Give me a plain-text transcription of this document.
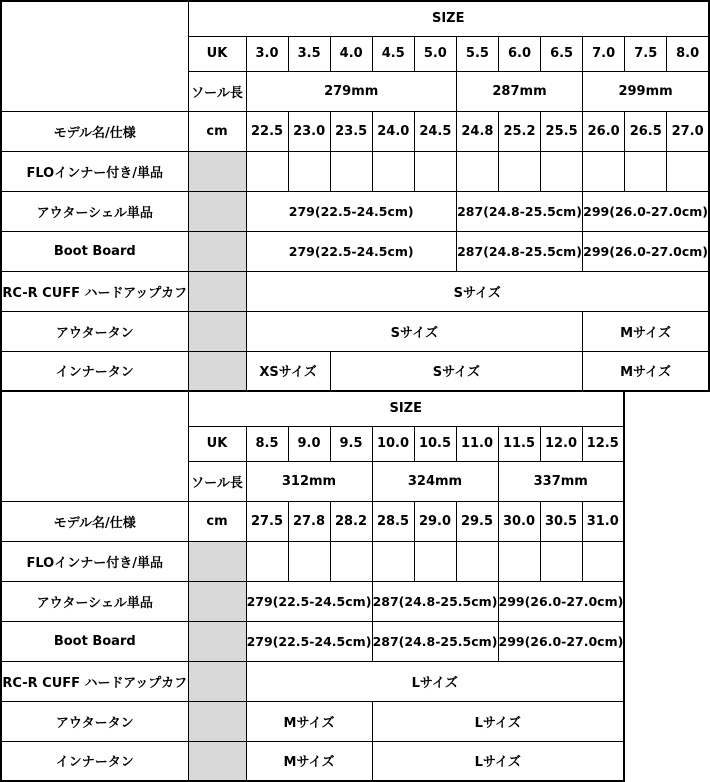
	SIZE											
	UK	3.0	3.5	4.0	4.5	5.0	5.5	6.0	6.5	7.0	7.5	8.0
	ソール長	279mm					287mm			299mm		
モデル名/仕様	cm	22.5	23.0	23.5	24.0	24.5	24.8	25.2	25.5	26.0	26.5	27.0
FLOインナー付き/単品												
アウターシェル単品		279(22.5-24.5cm)					287(24.8-25.5cm)			299(26.0-27.0cm)		
Boot Board		279(22.5-24.5cm)					287(24.8-25.5cm)			299(26.0-27.0cm)		
RC-R CUFF ハードアップカフ		Sサイズ										
アウタータン		Sサイズ								Mサイズ		
インナータン		XSサイズ		Sサイズ						Mサイズ		
	SIZE									
	UK	8.5	9.0	9.5	10.0	10.5	11.0	11.5	12.0	12.5
	ソール長	312mm			324mm			337mm		
モデル名/仕様	cm	27.5	27.8	28.2	28.5	29.0	29.5	30.0	30.5	31.0
FLOインナー付き/単品										
アウターシェル単品		279(22.5-24.5cm)			287(24.8-25.5cm)			299(26.0-27.0cm)		
Boot Board		279(22.5-24.5cm)			287(24.8-25.5cm)			299(26.0-27.0cm)		
RC-R CUFF ハードアップカフ		Lサイズ								
アウタータン		Mサイズ			Lサイズ					
インナータン		Mサイズ			Lサイズ					
